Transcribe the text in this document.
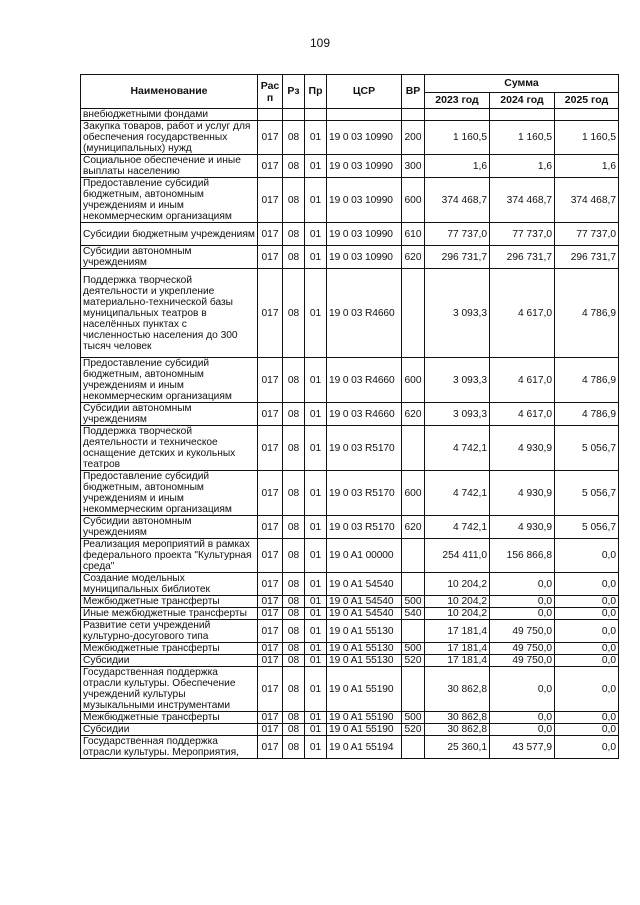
109
Наименование	Рас п	Рз	Пр	ЦСР	ВР	Сумма		
						2023 год	2024 год	2025 год
внебюджетными фондами								
Закупка товаров, работ и услуг для обеспечения государственных (муниципальных) нужд	017	08	01	19 0 03 10990	200	1 160,5	1 160,5	1 160,5
Социальное обеспечение и иные выплаты населению	017	08	01	19 0 03 10990	300	1,6	1,6	1,6
Предоставление субсидий бюджетным, автономным учреждениям и иным некоммерческим организациям	017	08	01	19 0 03 10990	600	374 468,7	374 468,7	374 468,7
Субсидии бюджетным учреждениям	017	08	01	19 0 03 10990	610	77 737,0	77 737,0	77 737,0
Субсидии автономным учреждениям	017	08	01	19 0 03 10990	620	296 731,7	296 731,7	296 731,7
Поддержка творческой деятельности и укрепление материально-технической базы муниципальных театров в населённых пунктах с численностью населения до 300 тысяч человек	017	08	01	19 0 03 R4660		3 093,3	4 617,0	4 786,9
Предоставление субсидий бюджетным, автономным учреждениям и иным некоммерческим организациям	017	08	01	19 0 03 R4660	600	3 093,3	4 617,0	4 786,9
Субсидии автономным учреждениям	017	08	01	19 0 03 R4660	620	3 093,3	4 617,0	4 786,9
Поддержка творческой деятельности и техническое оснащение детских и кукольных театров	017	08	01	19 0 03 R5170		4 742,1	4 930,9	5 056,7
Предоставление субсидий бюджетным, автономным учреждениям и иным некоммерческим организациям	017	08	01	19 0 03 R5170	600	4 742,1	4 930,9	5 056,7
Субсидии автономным учреждениям	017	08	01	19 0 03 R5170	620	4 742,1	4 930,9	5 056,7
Реализация мероприятий в рамках федерального проекта "Культурная среда"	017	08	01	19 0 A1 00000		254 411,0	156 866,8	0,0
Создание модельных муниципальных библиотек	017	08	01	19 0 A1 54540		10 204,2	0,0	0,0
Межбюджетные трансферты	017	08	01	19 0 A1 54540	500	10 204,2	0,0	0,0
Иные межбюджетные трансферты	017	08	01	19 0 A1 54540	540	10 204,2	0,0	0,0
Развитие сети учреждений культурно-досугового типа	017	08	01	19 0 A1 55130		17 181,4	49 750,0	0,0
Межбюджетные трансферты	017	08	01	19 0 A1 55130	500	17 181,4	49 750,0	0,0
Субсидии	017	08	01	19 0 A1 55130	520	17 181,4	49 750,0	0,0
Государственная поддержка отрасли культуры. Обеспечение учреждений культуры музыкальными инструментами	017	08	01	19 0 A1 55190		30 862,8	0,0	0,0
Межбюджетные трансферты	017	08	01	19 0 A1 55190	500	30 862,8	0,0	0,0
Субсидии	017	08	01	19 0 A1 55190	520	30 862,8	0,0	0,0
Государственная поддержка отрасли культуры. Мероприятия,	017	08	01	19 0 A1 55194		25 360,1	43 577,9	0,0
